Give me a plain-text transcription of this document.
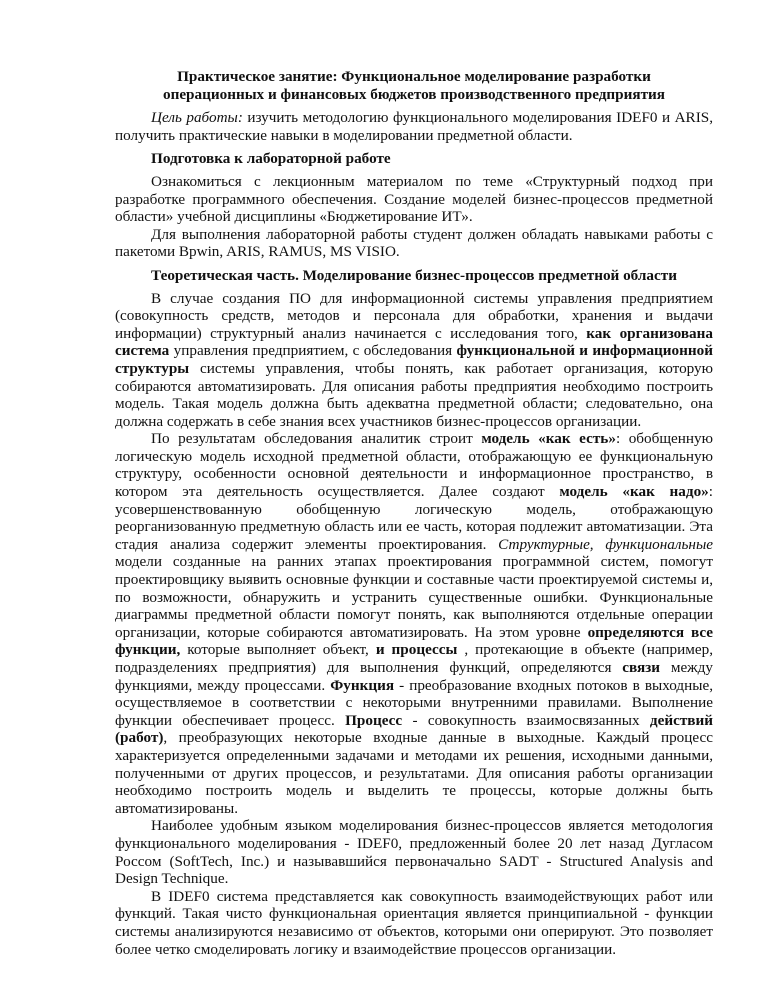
Практическое занятие: Функциональное моделирование разработки
операционных и финансовых бюджетов производственного предприятия

Цель работы: изучить методологию функционального моделирования IDEF0 и ARIS, получить практические навыки в моделировании предметной области.

Подготовка к лабораторной работе

Ознакомиться с лекционным материалом по теме «Структурный подход при разработке программного обеспечения. Создание моделей бизнес-процессов предметной области» учебной дисциплины «Бюджетирование ИТ».

Для выполнения лабораторной работы студент должен обладать навыками работы с пакетоми Bpwin, ARIS, RAMUS, MS VISIO.

Теоретическая часть. Моделирование бизнес-процессов предметной области

В случае создания ПО для информационной системы управления предприятием (совокупность средств, методов и персонала для обработки, хранения и выдачи информации) структурный анализ начинается с исследования того, как организована система управления предприятием, с обследования функциональной и информационной структуры системы управления, чтобы понять, как работает организация, которую собираются автоматизировать. Для описания работы предприятия необходимо построить модель. Такая модель должна быть адекватна предметной области; следовательно, она должна содержать в себе знания всех участников бизнес-процессов организации.

По результатам обследования аналитик строит модель «как есть»: обобщенную логическую модель исходной предметной области, отображающую ее функциональную структуру, особенности основной деятельности и информационное пространство, в котором эта деятельность осуществляется. Далее создают модель «как надо»: усовершенствованную обобщенную логическую модель, отображающую реорганизованную предметную область или ее часть, которая подлежит автоматизации. Эта стадия анализа содержит элементы проектирования. Структурные, функциональные модели созданные на ранних этапах проектирования программной систем, помогут проектировщику выявить основные функции и составные части проектируемой системы и, по возможности, обнаружить и устранить существенные ошибки. Функциональные диаграммы предметной области помогут понять, как выполняются отдельные операции организации, которые собираются автоматизировать. На этом уровне определяются все функции, которые выполняет объект, и процессы , протекающие в объекте (например, подразделениях предприятия) для выполнения функций, определяются связи между функциями, между процессами. Функция - преобразование входных потоков в выходные, осуществляемое в соответствии с некоторыми внутренними правилами. Выполнение функции обеспечивает процесс. Процесс - совокупность взаимосвязанных действий (работ), преобразующих некоторые входные данные в выходные. Каждый процесс характеризуется определенными задачами и методами их решения, исходными данными, полученными от других процессов, и результатами. Для описания работы организации необходимо построить модель и выделить те процессы, которые должны быть автоматизированы.

Наиболее удобным языком моделирования бизнес-процессов является методология функционального моделирования - IDEF0, предложенный более 20 лет назад Дугласом Россом (SoftTech, Inc.) и называвшийся первоначально SADT - Structured Analysis and Design Technique.

В IDEF0 система представляется как совокупность взаимодействующих работ или функций. Такая чисто функциональная ориентация является принципиальной - функции системы анализируются независимо от объектов, которыми они оперируют. Это позволяет более четко смоделировать логику и взаимодействие процессов организации.
